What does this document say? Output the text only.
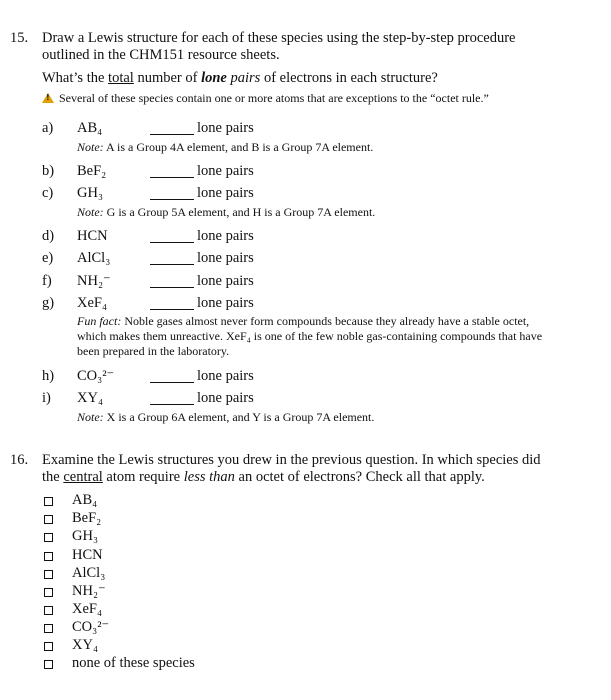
15. Draw a Lewis structure for each of these species using the step-by-step procedure
outlined in the CHM151 resource sheets.
What’s the total number of lone pairs of electrons in each structure?
!Several of these species contain one or more atoms that are exceptions to the “octet rule.”
a) AB₄	lone pairs
Note: A is a Group 4A element, and B is a Group 7A element.
b) BeF₂	lone pairs
c) GH₃	lone pairs
Note: G is a Group 5A element, and H is a Group 7A element.
d) HCN	lone pairs
e) AlCl₃	lone pairs
f) NH₂⁻	lone pairs
g) XeF₄	lone pairs
Fun fact: Noble gases almost never form compounds because they already have a stable octet,
which makes them unreactive. XeF₄ is one of the few noble gas-containing compounds that have
been prepared in the laboratory.
h) CO₃²⁻	lone pairs
i) XY₄	lone pairs
Note: X is a Group 6A element, and Y is a Group 7A element.
16. Examine the Lewis structures you drew in the previous question. In which species did
the central atom require less than an octet of electrons? Check all that apply.
AB₄
BeF₂
GH₃
HCN
AlCl₃
NH₂⁻
XeF₄
CO₃²⁻
XY₄
none of these species
